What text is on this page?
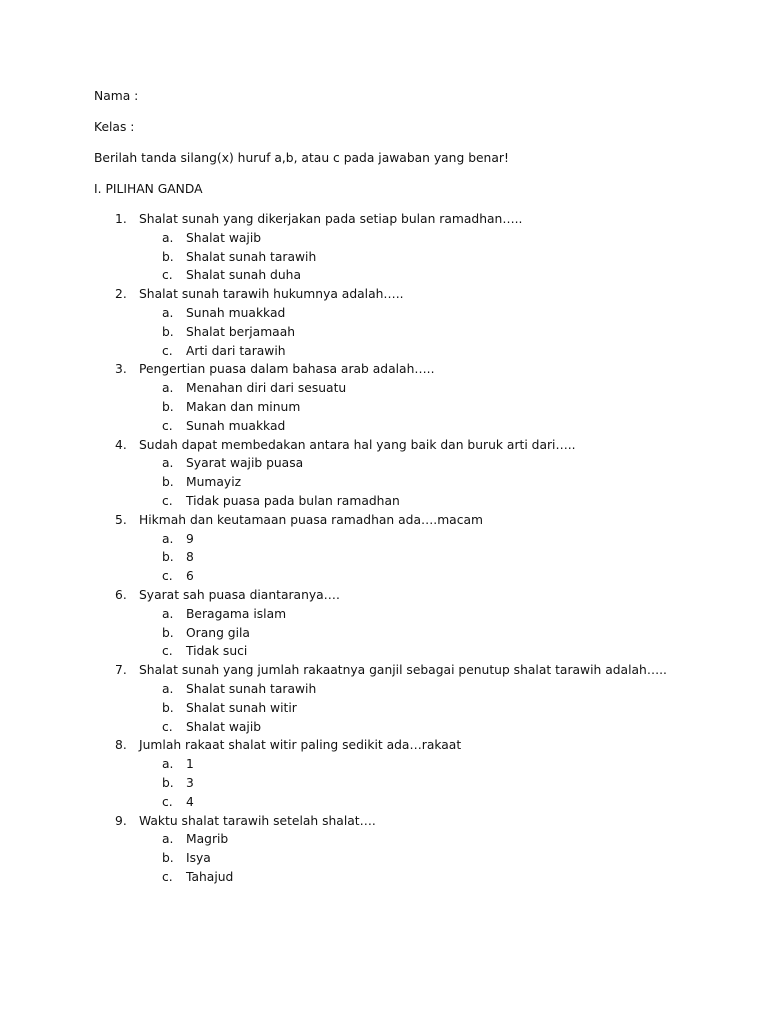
Nama :
Kelas :
Berilah tanda silang(x) huruf a,b, atau c pada jawaban yang benar!
I. PILIHAN GANDA
1. Shalat sunah yang dikerjakan pada setiap bulan ramadhan…..
a.	Shalat wajib
b. Shalat sunah tarawih
c.	Shalat sunah duha
2. Shalat sunah tarawih hukumnya adalah…..
a.	Sunah muakkad
b. Shalat berjamaah
c.	Arti dari tarawih
3. Pengertian puasa dalam bahasa arab adalah…..
a.	Menahan diri dari sesuatu
b. Makan dan minum
c.	Sunah muakkad
4. Sudah dapat membedakan antara hal yang baik dan buruk arti dari…..
a.	Syarat wajib puasa
b. Mumayiz
c.	Tidak puasa pada bulan ramadhan
5. Hikmah dan keutamaan puasa ramadhan ada….macam
a.	9
b. 8
c.	6
6. Syarat sah puasa diantaranya….
a.	Beragama islam
b. Orang gila
c.	Tidak suci
7. Shalat sunah yang jumlah rakaatnya ganjil sebagai penutup shalat tarawih adalah…..
a.	Shalat sunah tarawih
b. Shalat sunah witir
c.	Shalat wajib
8. Jumlah rakaat shalat witir paling sedikit ada…rakaat
a.	1
b. 3
c.	4
9. Waktu shalat tarawih setelah shalat….
a.	Magrib
b. Isya
c.	Tahajud
